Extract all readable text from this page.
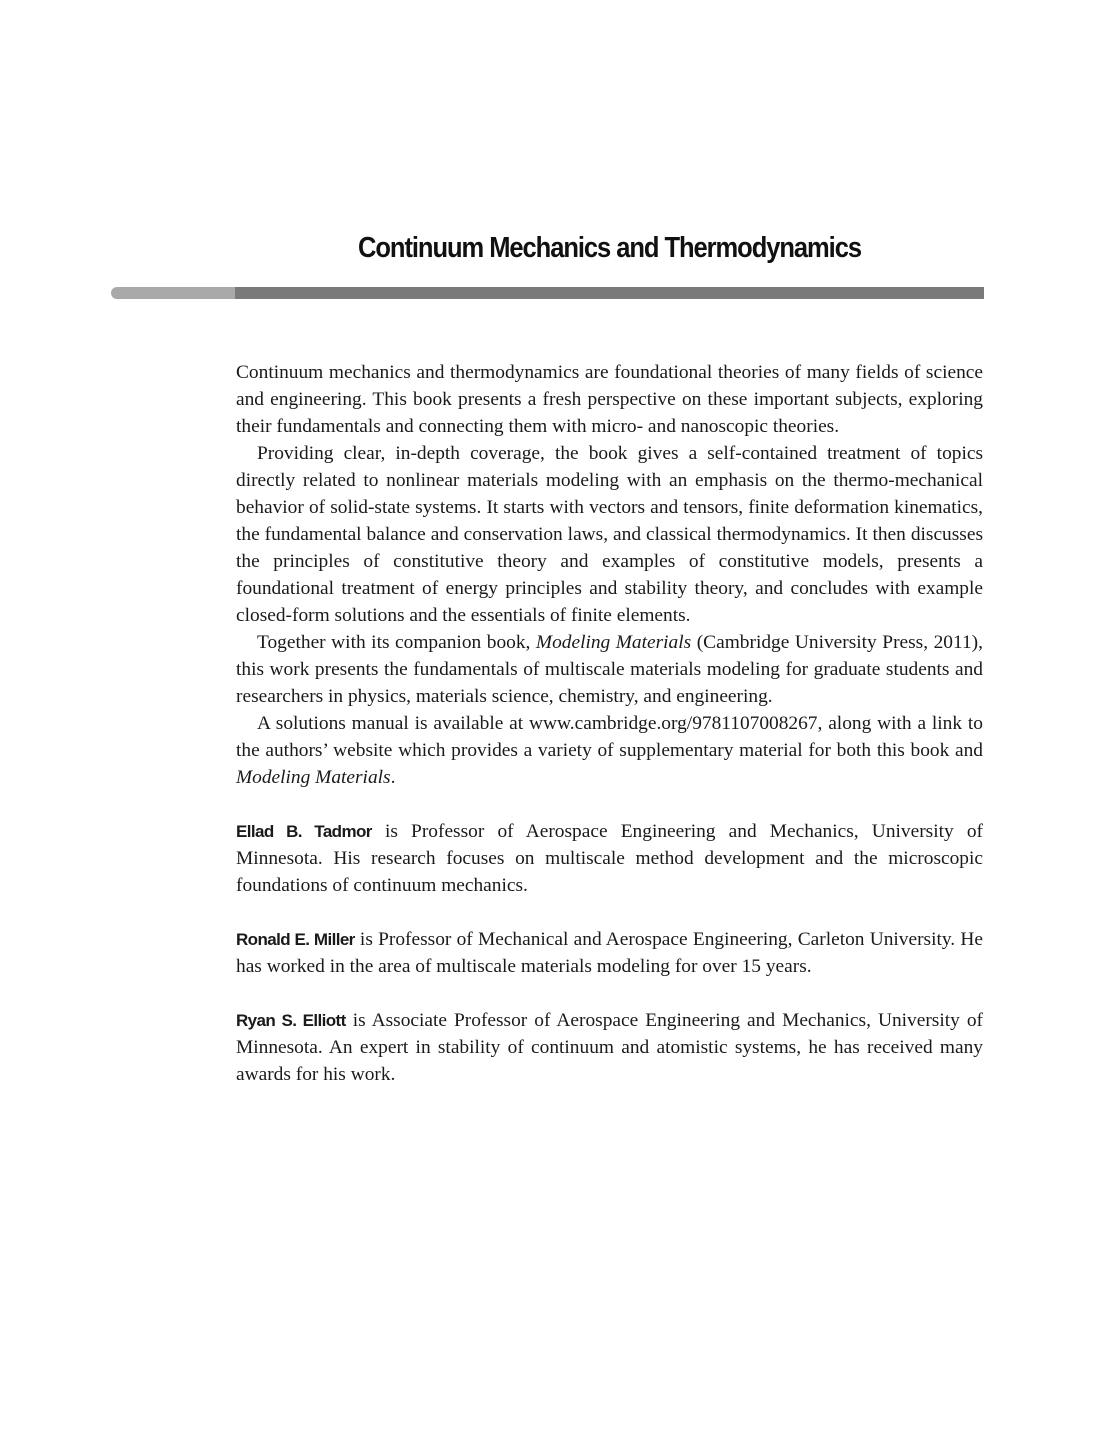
Continuum Mechanics and Thermodynamics

Continuum mechanics and thermodynamics are foundational theories of many fields of science and engineering. This book presents a fresh perspective on these important subjects, exploring their fundamentals and connecting them with micro- and nanoscopic theories.

Providing clear, in-depth coverage, the book gives a self-contained treatment of topics directly related to nonlinear materials modeling with an emphasis on the thermo-mechanical behavior of solid-state systems. It starts with vectors and tensors, finite deformation kinematics, the fundamental balance and conservation laws, and classical thermodynamics. It then discusses the principles of constitutive theory and examples of constitutive models, presents a foundational treatment of energy principles and stability theory, and concludes with example closed-form solutions and the essentials of finite elements.

Together with its companion book, Modeling Materials (Cambridge University Press, 2011), this work presents the fundamentals of multiscale materials modeling for graduate students and researchers in physics, materials science, chemistry, and engineering.

A solutions manual is available at www.cambridge.org/9781107008267, along with a link to the authors’ website which provides a variety of supplementary material for both this book and Modeling Materials.

Ellad B. Tadmor is Professor of Aerospace Engineering and Mechanics, University of Minnesota. His research focuses on multiscale method development and the microscopic foundations of continuum mechanics.

Ronald E. Miller is Professor of Mechanical and Aerospace Engineering, Carleton University. He has worked in the area of multiscale materials modeling for over 15 years.

Ryan S. Elliott is Associate Professor of Aerospace Engineering and Mechanics, University of Minnesota. An expert in stability of continuum and atomistic systems, he has received many awards for his work.
